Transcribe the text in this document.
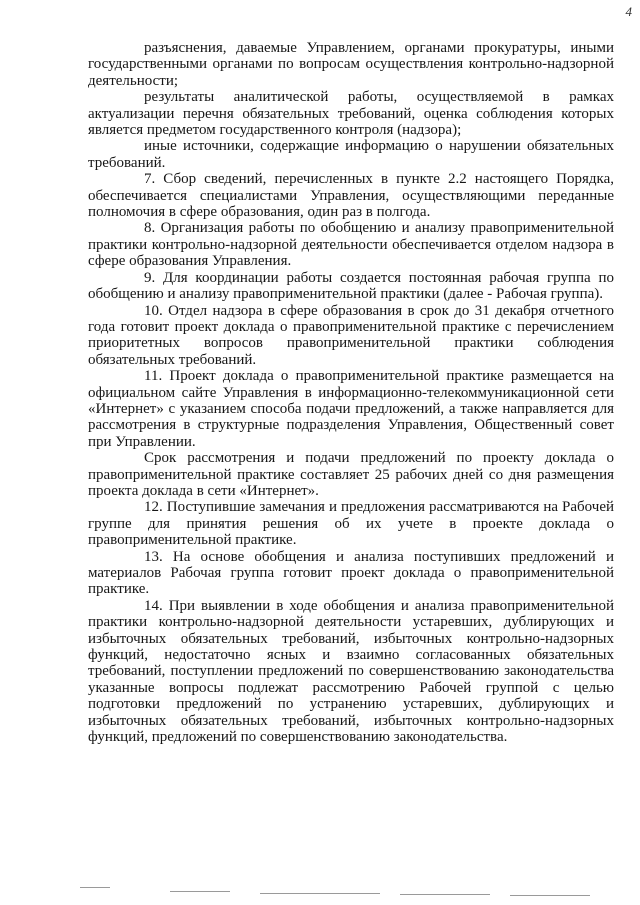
4

разъяснения, даваемые Управлением, органами прокуратуры, иными государственными органами по вопросам осуществления контрольно-надзорной деятельности;

результаты аналитической работы, осуществляемой в рамках актуализации перечня обязательных требований, оценка соблюдения которых является предметом государственного контроля (надзора);

иные источники, содержащие информацию о нарушении обязательных требований.

7. Сбор сведений, перечисленных в пункте 2.2 настоящего Порядка, обеспечивается специалистами Управления, осуществляющими переданные полномочия в сфере образования, один раз в полгода.

8. Организация работы по обобщению и анализу правоприменительной практики контрольно-надзорной деятельности обеспечивается отделом надзора в сфере образования Управления.

9. Для координации работы создается постоянная рабочая группа по обобщению и анализу правоприменительной практики (далее - Рабочая группа).

10. Отдел надзора в сфере образования в срок до 31 декабря отчетного года готовит проект доклада о правоприменительной практике с перечислением приоритетных вопросов правоприменительной практики соблюдения обязательных требований.

11. Проект доклада о правоприменительной практике размещается на официальном сайте Управления в информационно-телекоммуникационной сети «Интернет» с указанием способа подачи предложений, а также направляется для рассмотрения в структурные подразделения Управления, Общественный совет при Управлении.

Срок рассмотрения и подачи предложений по проекту доклада о правоприменительной практике составляет 25 рабочих дней со дня размещения проекта доклада в сети «Интернет».

12. Поступившие замечания и предложения рассматриваются на Рабочей группе для принятия решения об их учете в проекте доклада о правоприменительной практике.

13. На основе обобщения и анализа поступивших предложений и материалов Рабочая группа готовит проект доклада о правоприменительной практике.

14. При выявлении в ходе обобщения и анализа правоприменительной практики контрольно-надзорной деятельности устаревших, дублирующих и избыточных обязательных требований, избыточных контрольно-надзорных функций, недостаточно ясных и взаимно согласованных обязательных требований, поступлении предложений по совершенствованию законодательства указанные вопросы подлежат рассмотрению Рабочей группой с целью подготовки предложений по устранению устаревших, дублирующих и избыточных обязательных требований, избыточных контрольно-надзорных функций, предложений по совершенствованию законодательства.
